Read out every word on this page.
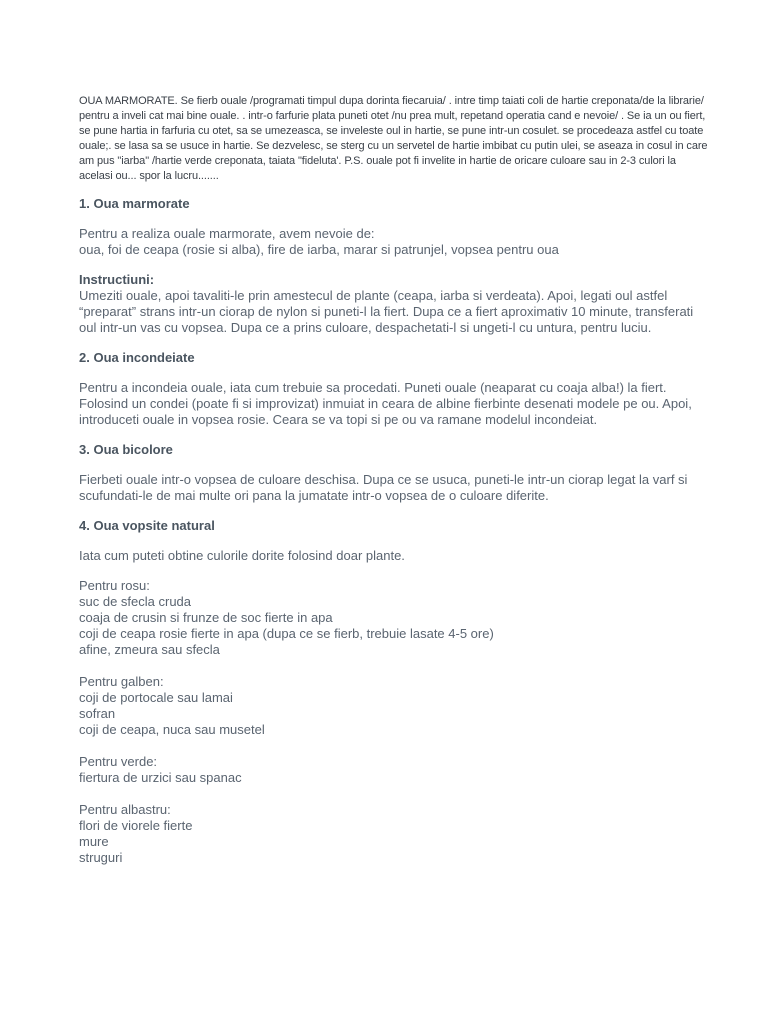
OUA MARMORATE. Se fierb ouale /programati timpul dupa dorinta fiecaruia/ . intre timp taiati coli de hartie creponata/de la librarie/ pentru a inveli cat mai bine ouale. . intr-o farfurie plata puneti otet /nu prea mult, repetand operatia cand e nevoie/ . Se ia un ou fiert, se pune hartia in farfuria cu otet, sa se umezeasca, se inveleste oul in hartie, se pune intr-un cosulet. se procedeaza astfel cu toate ouale;. se lasa sa se usuce in hartie. Se dezvelesc, se sterg cu un servetel de hartie imbibat cu putin ulei, se aseaza in cosul in care am pus "iarba" /hartie verde creponata, taiata "fideluta'. P.S. ouale pot fi invelite in hartie de oricare culoare sau in 2-3 culori la acelasi ou... spor la lucru.......

1. Oua marmorate
Pentru a realiza ouale marmorate, avem nevoie de:
oua, foi de ceapa (rosie si alba), fire de iarba, marar si patrunjel, vopsea pentru oua
Instructiuni:

Umeziti ouale, apoi tavaliti-le prin amestecul de plante (ceapa, iarba si verdeata). Apoi, legati oul astfel “preparat” strans intr-un ciorap de nylon si puneti-l la fiert. Dupa ce a fiert aproximativ 10 minute, transferati oul intr-un vas cu vopsea. Dupa ce a prins culoare, despachetati-l si ungeti-l cu untura, pentru luciu.

2. Oua incondeiate

Pentru a incondeia ouale, iata cum trebuie sa procedati. Puneti ouale (neaparat cu coaja alba!) la fiert. Folosind un condei (poate fi si improvizat) inmuiat in ceara de albine fierbinte desenati modele pe ou. Apoi, introduceti ouale in vopsea rosie. Ceara se va topi si pe ou va ramane modelul incondeiat.

3. Oua bicolore

Fierbeti ouale intr-o vopsea de culoare deschisa. Dupa ce se usuca, puneti-le intr-un ciorap legat la varf si scufundati-le de mai multe ori pana la jumatate intr-o vopsea de o culoare diferite.

4. Oua vopsite natural

Iata cum puteti obtine culorile dorite folosind doar plante.

Pentru rosu:
suc de sfecla cruda
coaja de crusin si frunze de soc fierte in apa
coji de ceapa rosie fierte in apa (dupa ce se fierb, trebuie lasate 4-5 ore)
afine, zmeura sau sfecla
Pentru galben:
coji de portocale sau lamai
sofran
coji de ceapa, nuca sau musetel
Pentru verde:
fiertura de urzici sau spanac
Pentru albastru:
flori de viorele fierte
mure
struguri
